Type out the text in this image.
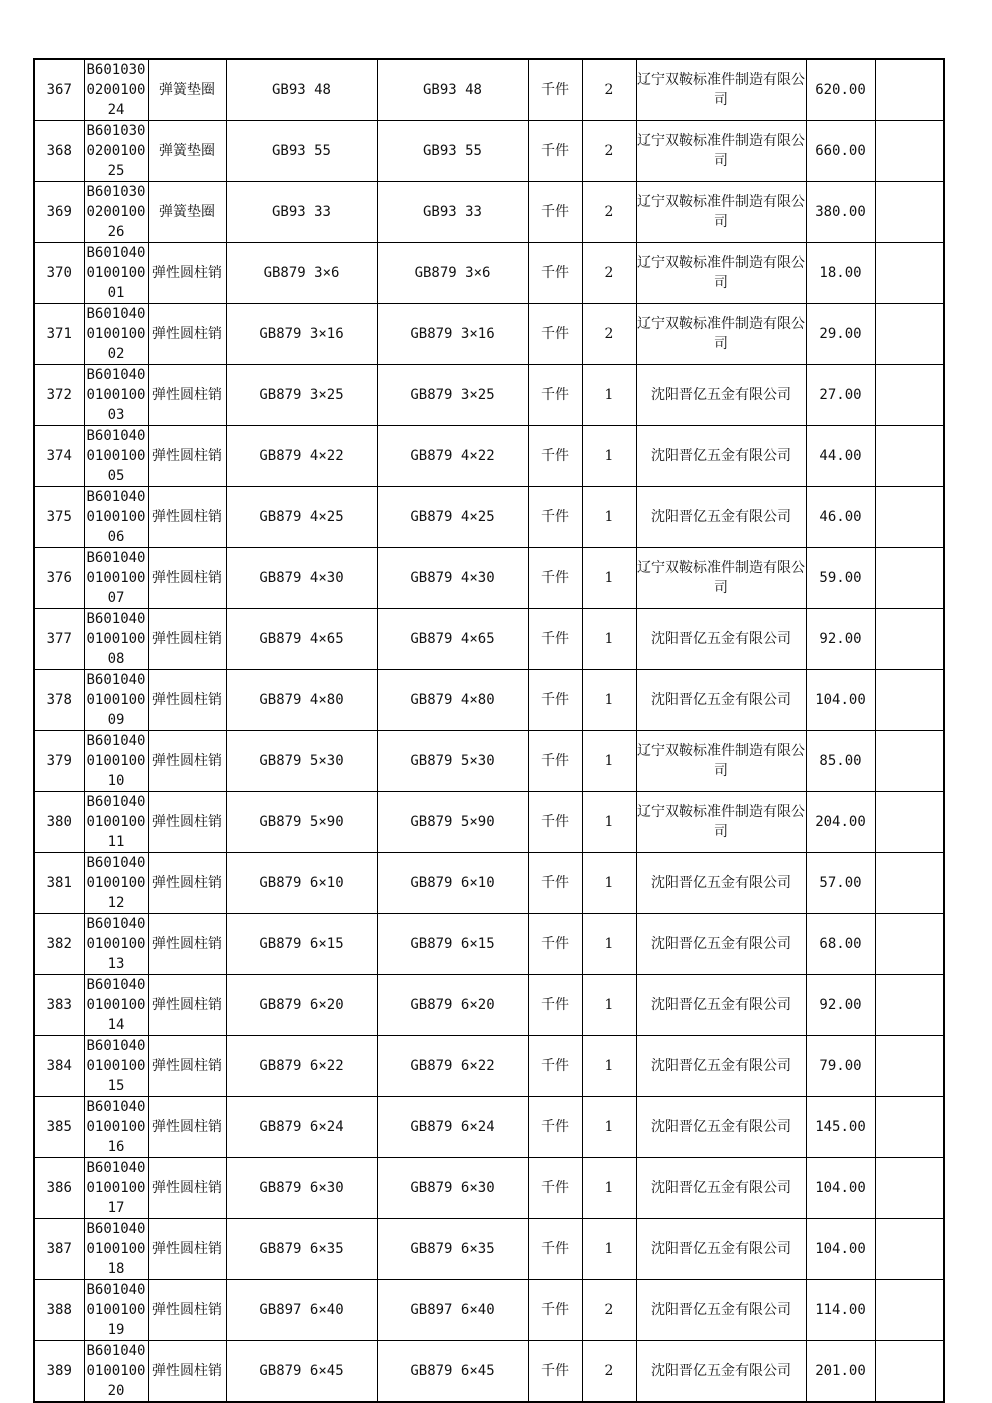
367	B601030020010024	弹簧垫圈	GB93 48	GB93 48	千件	2	辽宁双鞍标准件制造有限公司	620.00	
368	B601030020010025	弹簧垫圈	GB93 55	GB93 55	千件	2	辽宁双鞍标准件制造有限公司	660.00	
369	B601030020010026	弹簧垫圈	GB93 33	GB93 33	千件	2	辽宁双鞍标准件制造有限公司	380.00	
370	B601040010010001	弹性圆柱销	GB879 3×6	GB879 3×6	千件	2	辽宁双鞍标准件制造有限公司	18.00	
371	B601040010010002	弹性圆柱销	GB879 3×16	GB879 3×16	千件	2	辽宁双鞍标准件制造有限公司	29.00	
372	B601040010010003	弹性圆柱销	GB879 3×25	GB879 3×25	千件	1	沈阳晋亿五金有限公司	27.00	
374	B601040010010005	弹性圆柱销	GB879 4×22	GB879 4×22	千件	1	沈阳晋亿五金有限公司	44.00	
375	B601040010010006	弹性圆柱销	GB879 4×25	GB879 4×25	千件	1	沈阳晋亿五金有限公司	46.00	
376	B601040010010007	弹性圆柱销	GB879 4×30	GB879 4×30	千件	1	辽宁双鞍标准件制造有限公司	59.00	
377	B601040010010008	弹性圆柱销	GB879 4×65	GB879 4×65	千件	1	沈阳晋亿五金有限公司	92.00	
378	B601040010010009	弹性圆柱销	GB879 4×80	GB879 4×80	千件	1	沈阳晋亿五金有限公司	104.00	
379	B601040010010010	弹性圆柱销	GB879 5×30	GB879 5×30	千件	1	辽宁双鞍标准件制造有限公司	85.00	
380	B601040010010011	弹性圆柱销	GB879 5×90	GB879 5×90	千件	1	辽宁双鞍标准件制造有限公司	204.00	
381	B601040010010012	弹性圆柱销	GB879 6×10	GB879 6×10	千件	1	沈阳晋亿五金有限公司	57.00	
382	B601040010010013	弹性圆柱销	GB879 6×15	GB879 6×15	千件	1	沈阳晋亿五金有限公司	68.00	
383	B601040010010014	弹性圆柱销	GB879 6×20	GB879 6×20	千件	1	沈阳晋亿五金有限公司	92.00	
384	B601040010010015	弹性圆柱销	GB879 6×22	GB879 6×22	千件	1	沈阳晋亿五金有限公司	79.00	
385	B601040010010016	弹性圆柱销	GB879 6×24	GB879 6×24	千件	1	沈阳晋亿五金有限公司	145.00	
386	B601040010010017	弹性圆柱销	GB879 6×30	GB879 6×30	千件	1	沈阳晋亿五金有限公司	104.00	
387	B601040010010018	弹性圆柱销	GB879 6×35	GB879 6×35	千件	1	沈阳晋亿五金有限公司	104.00	
388	B601040010010019	弹性圆柱销	GB897 6×40	GB897 6×40	千件	2	沈阳晋亿五金有限公司	114.00	
389	B601040010010020	弹性圆柱销	GB879 6×45	GB879 6×45	千件	2	沈阳晋亿五金有限公司	201.00	
